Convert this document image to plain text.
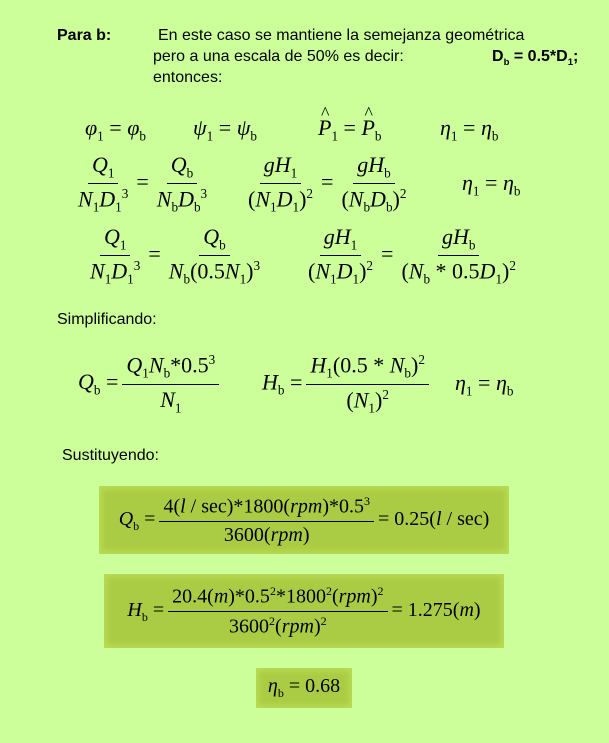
Para b:	En este caso se mantiene la semejanza geométrica
pero a una escala de 50% es decir:	$D_b = 0.5*D_1$;
entonces:
$\varphi_1 = \varphi_b$ $\psi_1 = \psi_b$
^	$P_1$ = ^ $P_b$	$\eta_1 = \eta_b$
$\frac{Q_1}{N_1D_1^3} = \frac{Q_b}{N_bD_b^3} \frac{gH_1}{(N_1D_1)^2} = \frac{gH_b}{(N_bD_b)^2} \eta_1 = \eta_b$
$\frac{Q_1}{N_1D_1^3} = \frac{Q_b}{N_b(0.5N_1)^3} \frac{gH_1}{(N_1D_1)^2} = \frac{gH_b}{(N_b * 0.5D_1)^2}$
Simplificando:
$Q_b = \frac{Q_1N_b*0.5^3}{N_1} H_b = \frac{H_1(0.5 * N_b)^2}{(N_1)^2} \eta_1 = \eta_b$
Sustituyendo:
$Q_b = \frac{4(l / \sec)*1800(rpm)*0.5^3}{\text{3600(rpm)}} = 0.25(l / \sec)$
$H_b = \frac{20.4(m)*0.5^2*1800^2(rpm)^2}{3600^2(rpm)^2} = 1.275(m)$
$\eta_b = 0.68$
